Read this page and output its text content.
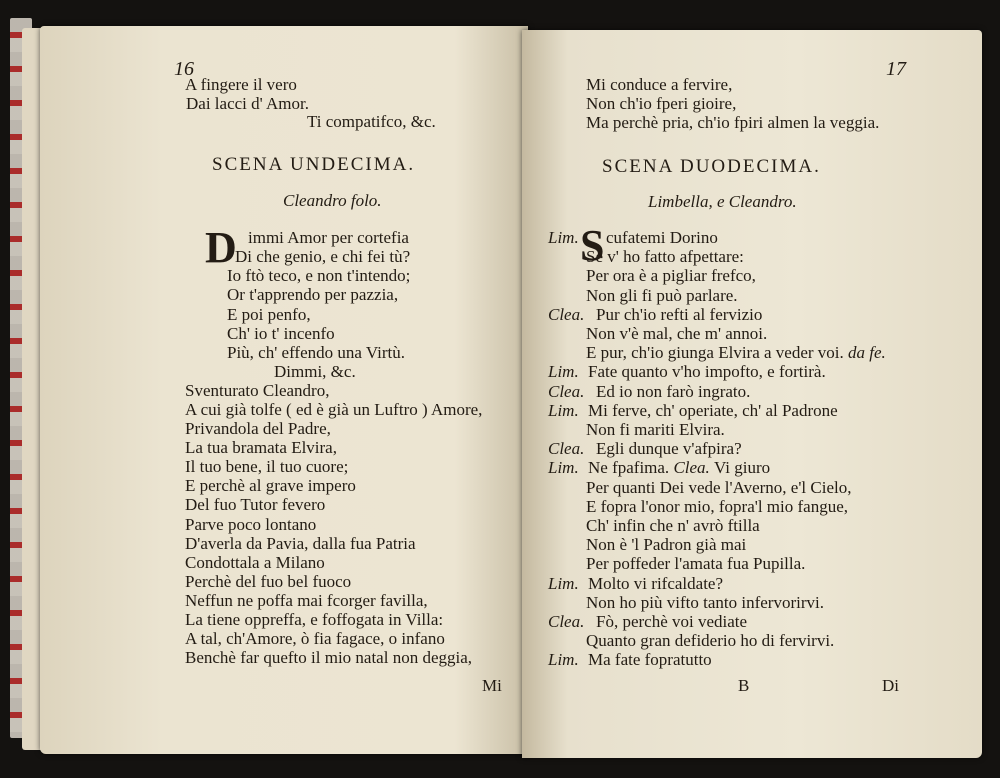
16
A fingere il vero
Dai lacci d' Amor.
Ti compatifco, &c.
SCENA UNDECIMA.
Cleandro folo.
D immi Amor per cortefia
Di che genio, e chi fei tù?
Io ftò teco, e non t'intendo;
Or t'apprendo per pazzia,
E poi penfo,
Ch' io t' incenfo
Più, ch' effendo una Virtù.
Dimmi, &c.
Sventurato Cleandro,
A cui già tolfe ( ed è già un Luftro ) Amore,
Privandola del Padre,
La tua bramata Elvira,
Il tuo bene, il tuo cuore;
E perchè al grave impero
Del fuo Tutor fevero
Parve poco lontano
D'averla da Pavia, dalla fua Patria
Condottala a Milano
Perchè del fuo bel fuoco
Neffun ne poffa mai fcorger favilla,
La tiene oppreffa, e foffogata in Villa:
A tal, ch'Amore, ò fia fagace, o infano
Benchè far quefto il mio natal non deggia,
Mi
17
Mi conduce a fervire,
Non ch'io fperi gioire,
Ma perchè pria, ch'io fpiri almen la veggia.
SCENA DUODECIMA.
Limbella, e Cleandro.
S
Lim. cufatemi Dorino
Se v' ho fatto afpettare:
Per ora è a pigliar frefco,
Non gli fi può parlare.
Clea. Pur ch'io refti al fervizio
Non v'è mal, che m' annoi.
E pur, ch'io giunga Elvira a veder voi. da fe.
Lim. Fate quanto v'ho impofto, e fortirà.
Clea. Ed io non farò ingrato.
Lim. Mi ferve, ch' operiate, ch' al Padrone
Non fi mariti Elvira.
Clea. Egli dunque v'afpira?
Lim. Ne fpafima. Clea. Vi giuro
Per quanti Dei vede l'Averno, e'l Cielo,
E fopra l'onor mio, fopra'l mio fangue,
Ch' infin che n' avrò ftilla
Non è 'l Padron già mai
Per poffeder l'amata fua Pupilla.
Lim. Molto vi rifcaldate?
Non ho più vifto tanto infervorirvi.
Clea. Fò, perchè voi vediate
Quanto gran defiderio ho di fervirvi.
Lim. Ma fate fopratutto
B	Di
